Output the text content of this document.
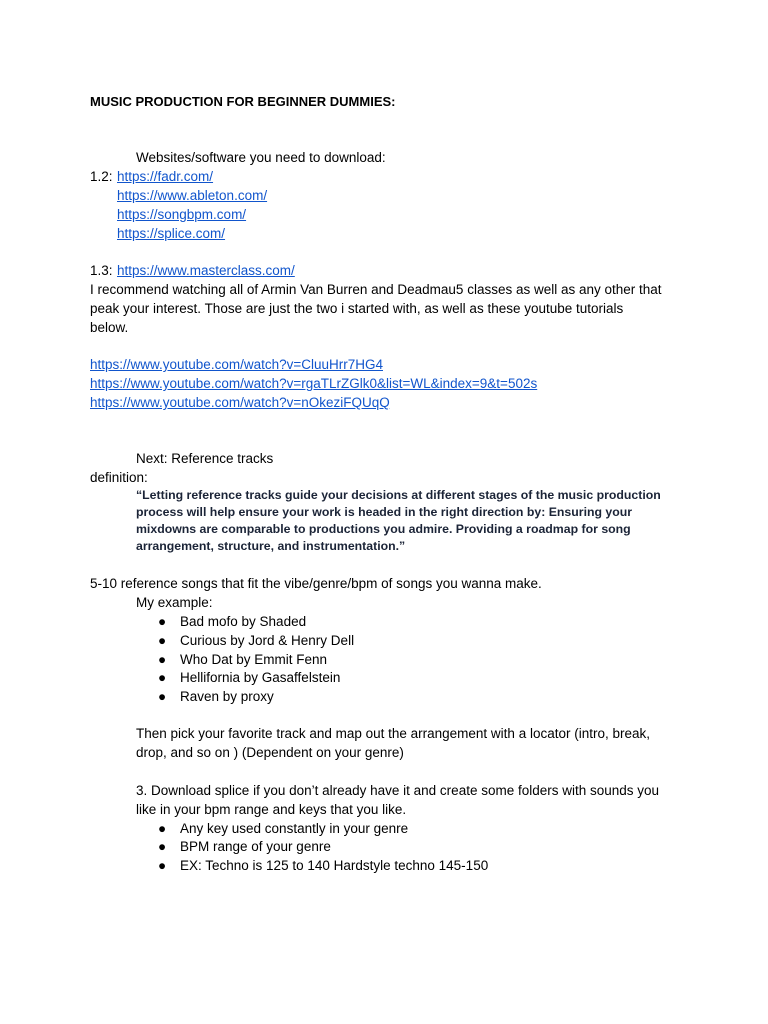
MUSIC PRODUCTION FOR BEGINNER DUMMIES:
Websites/software you need to download:
1.2: https://fadr.com/
https://www.ableton.com/
https://songbpm.com/
https://splice.com/
1.3: https://www.masterclass.com/
I recommend watching all of Armin Van Burren and Deadmau5 classes as well as any other that
peak your interest. Those are just the two i started with, as well as these youtube tutorials
below.
https://www.youtube.com/watch?v=CluuHrr7HG4
https://www.youtube.com/watch?v=rgaTLrZGlk0&list=WL&index=9&t=502s
https://www.youtube.com/watch?v=nOkeziFQUqQ
Next: Reference tracks
definition:
“Letting reference tracks guide your decisions at different stages of the music production
process will help ensure your work is headed in the right direction by: Ensuring your
mixdowns are comparable to productions you admire. Providing a roadmap for song
arrangement, structure, and instrumentation.”
5-10 reference songs that fit the vibe/genre/bpm of songs you wanna make.
My example:
● Bad mofo by Shaded
● Curious by Jord & Henry Dell
● Who Dat by Emmit Fenn
● Hellifornia by Gasaffelstein
● Raven by proxy
Then pick your favorite track and map out the arrangement with a locator (intro, break,
drop, and so on ) (Dependent on your genre)
3. Download splice if you don’t already have it and create some folders with sounds you
like in your bpm range and keys that you like.
● Any key used constantly in your genre
● BPM range of your genre
● EX: Techno is 125 to 140 Hardstyle techno 145-150
